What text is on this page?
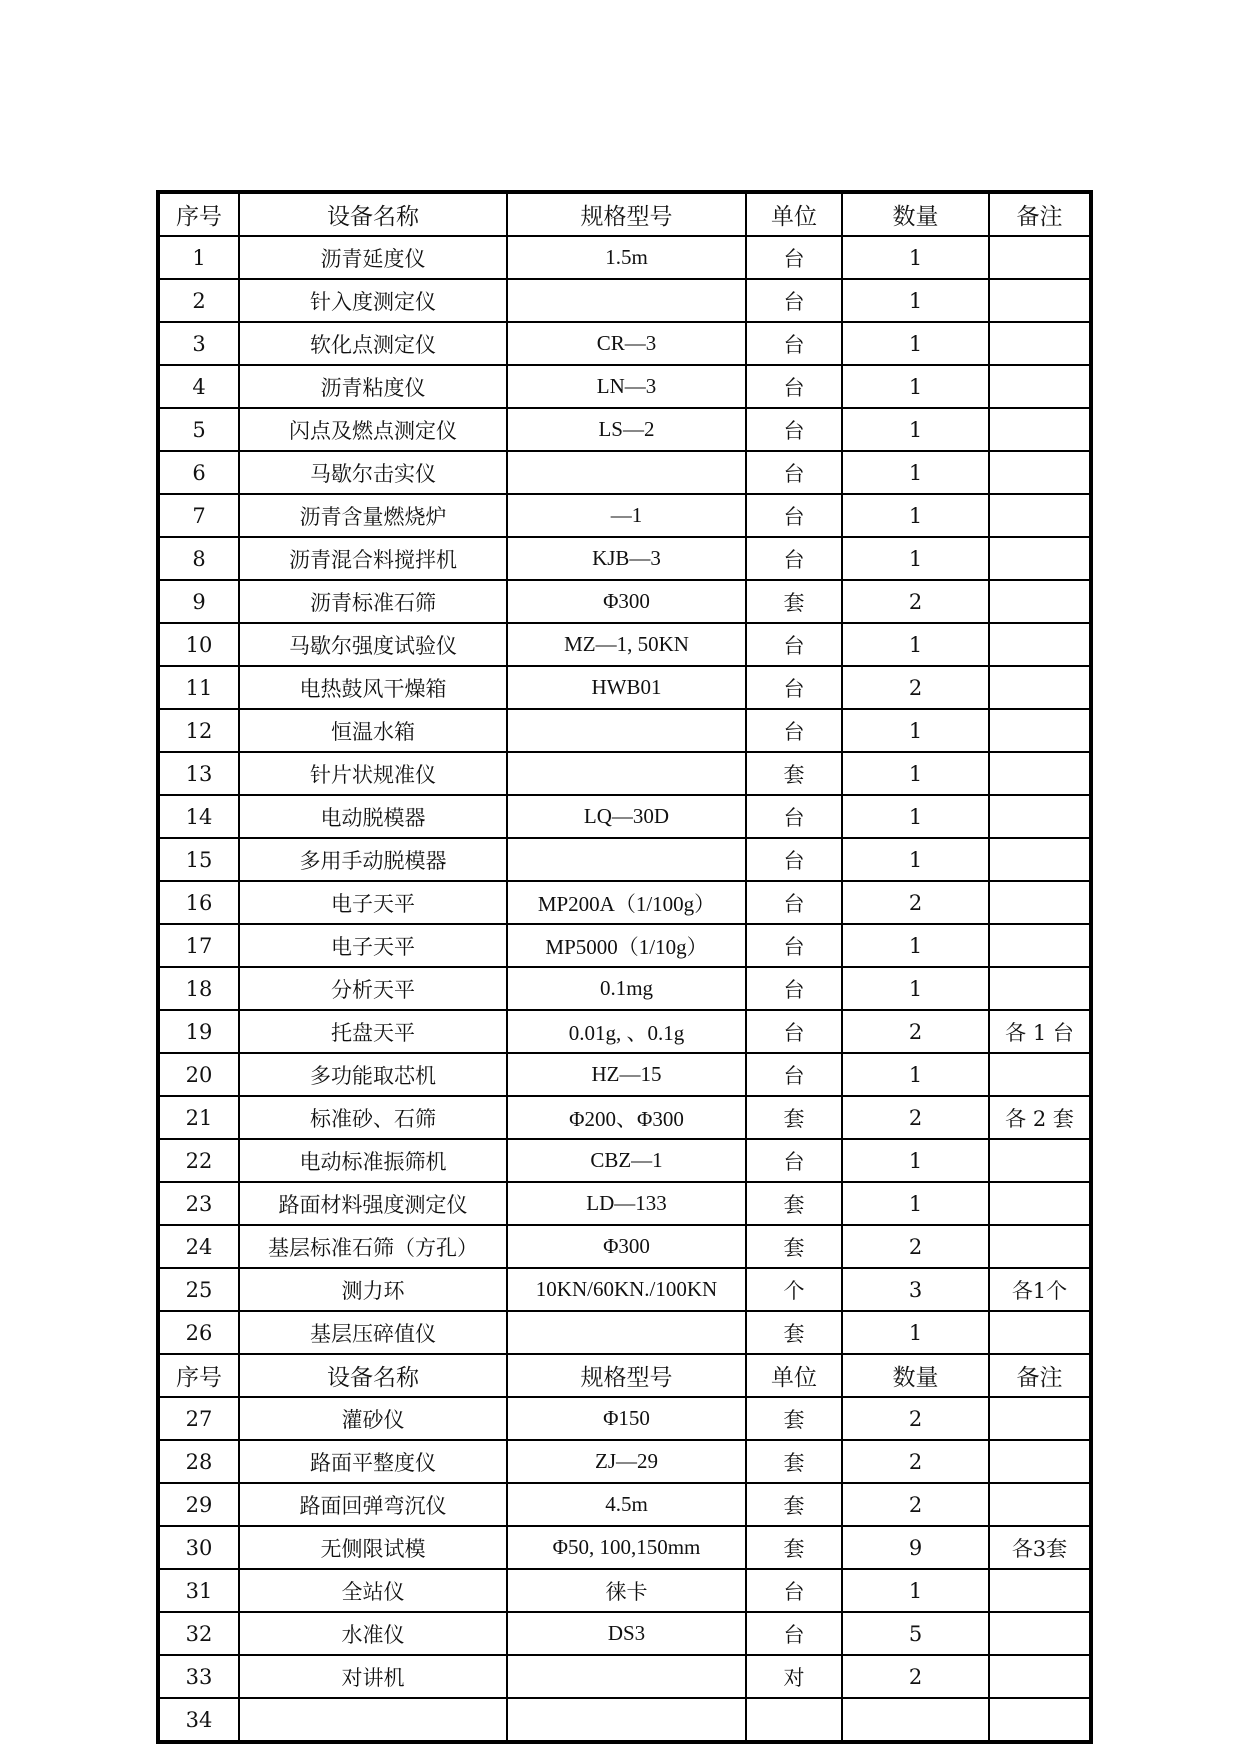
序号	设备名称	规格型号	单位	数量	备注
1	沥青延度仪	1.5m	台	1	
2	针入度测定仪		台	1	
3	软化点测定仪	CR—3	台	1	
4	沥青粘度仪	LN—3	台	1	
5	闪点及燃点测定仪	LS—2	台	1	
6	马歇尔击实仪		台	1	
7	沥青含量燃烧炉	—1	台	1	
8	沥青混合料搅拌机	KJB—3	台	1	
9	沥青标准石筛	Φ300	套	2	
10	马歇尔强度试验仪	MZ—1, 50KN	台	1	
11	电热鼓风干燥箱	HWB01	台	2	
12	恒温水箱		台	1	
13	针片状规准仪		套	1	
14	电动脱模器	LQ—30D	台	1	
15	多用手动脱模器		台	1	
16	电子天平	MP200A（1/100g）	台	2	
17	电子天平	MP5000（1/10g）	台	1	
18	分析天平	0.1mg	台	1	
19	托盘天平	0.01g, 、0.1g	台	2	各 1 台
20	多功能取芯机	HZ—15	台	1	
21	标准砂、石筛	Φ200、Φ300	套	2	各 2 套
22	电动标准振筛机	CBZ—1	台	1	
23	路面材料强度测定仪	LD—133	套	1	
24	基层标准石筛（方孔）	Φ300	套	2	
25	测力环	10KN/60KN./100KN	个	3	各1个
26	基层压碎值仪		套	1	
序号	设备名称	规格型号	单位	数量	备注
27	灌砂仪	Φ150	套	2	
28	路面平整度仪	ZJ—29	套	2	
29	路面回弹弯沉仪	4.5m	套	2	
30	无侧限试模	Φ50, 100,150mm	套	9	各3套
31	全站仪	徕卡	台	1	
32	水准仪	DS3	台	5	
33	对讲机		对	2	
34					
